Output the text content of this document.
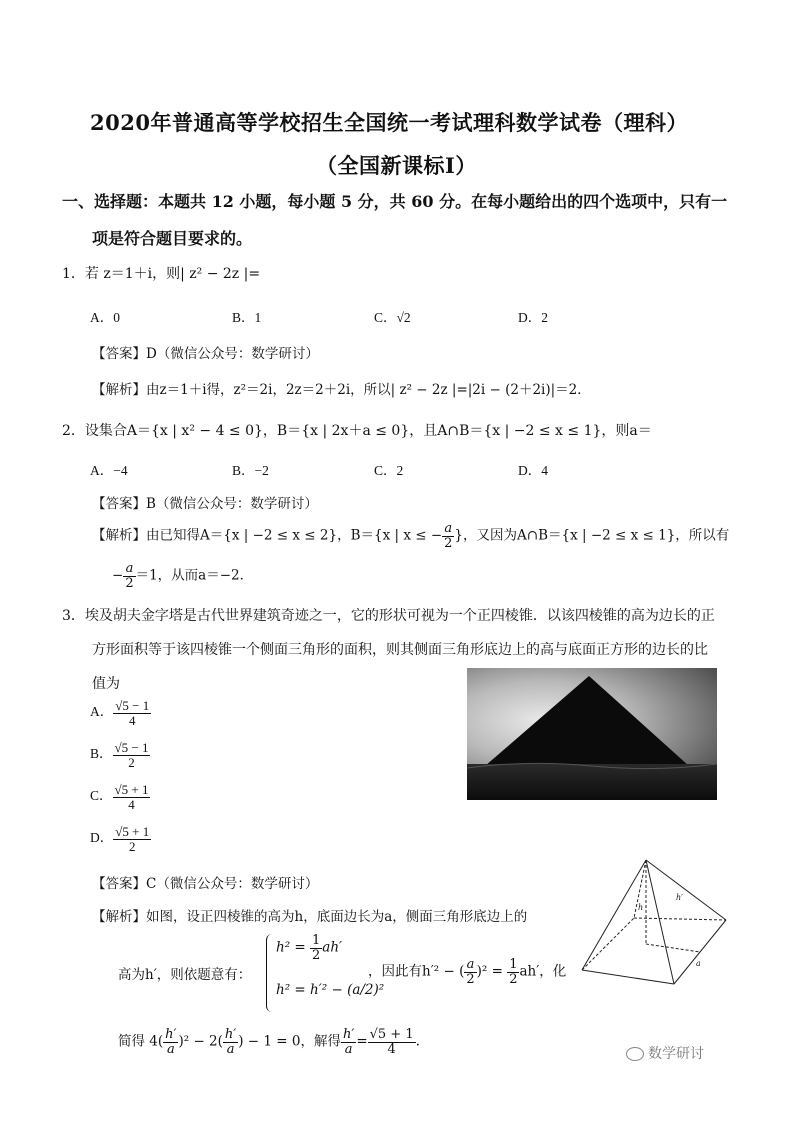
2020年普通高等学校招生全国统一考试理科数学试卷（理科）
（全国新课标Ⅰ）
一、选择题：本题共 12 小题，每小题 5 分，共 60 分。在每小题给出的四个选项中，只有一
项是符合题目要求的。
1．若 z＝1＋i，则| z² − 2z |=
A．0	B．1	C．√2	D．2
【答案】D（微信公众号：数学研讨）
【解析】由z＝1＋i得，z²＝2i，2z＝2＋2i，所以| z² − 2z |=|2i − (2＋2i)|＝2．
2．设集合A＝{x | x² − 4 ≤ 0}，B＝{x | 2x＋a ≤ 0}，且A∩B＝{x | −2 ≤ x ≤ 1}，则a＝
A．−4	B．−2	C．2	D．4
【答案】B（微信公众号：数学研讨）
【解析】由已知得A＝{x | −2 ≤ x ≤ 2}，B＝{x | x ≤ − $\frac{a}{2}$ }，又因为A∩B＝{x | −2 ≤ x ≤ 1}，所以有
− $\frac{a}{2} =1$，从而a＝−2．
3．埃及胡夫金字塔是古代世界建筑奇迹之一，它的形状可视为一个正四棱锥．以该四棱锥的高为边长的正
方形面积等于该四棱锥一个侧面三角形的面积，则其侧面三角形底边上的高与底面正方形的边长的比
值为
A． $\frac{√5 - 1}{4}$
B． $\frac{√5 - 1}{2}$
C． $\frac{√5 + 1}{4}$
D． $\frac{√5 + 1}{2}$
【答案】C（微信公众号：数学研讨）
【解析】如图，设正四棱锥的高为h，底面边长为a，侧面三角形底边上的
h
h′
a
高为h′，则依题意有：
$h^2 = \frac{1}{2} ah'$
h² = h′² − (a/2)²
，因此有h′² − ( $\frac{a}{2} )^2 = \frac{1}{2} ah'$，化
简得 $4( \frac{h'}{a} )^2 - 2( \frac{h'}{a}$ ) − 1 = 0，解得 $\frac{h'}{a} = \frac{√5 + 1}{4}$ .
数学研讨
